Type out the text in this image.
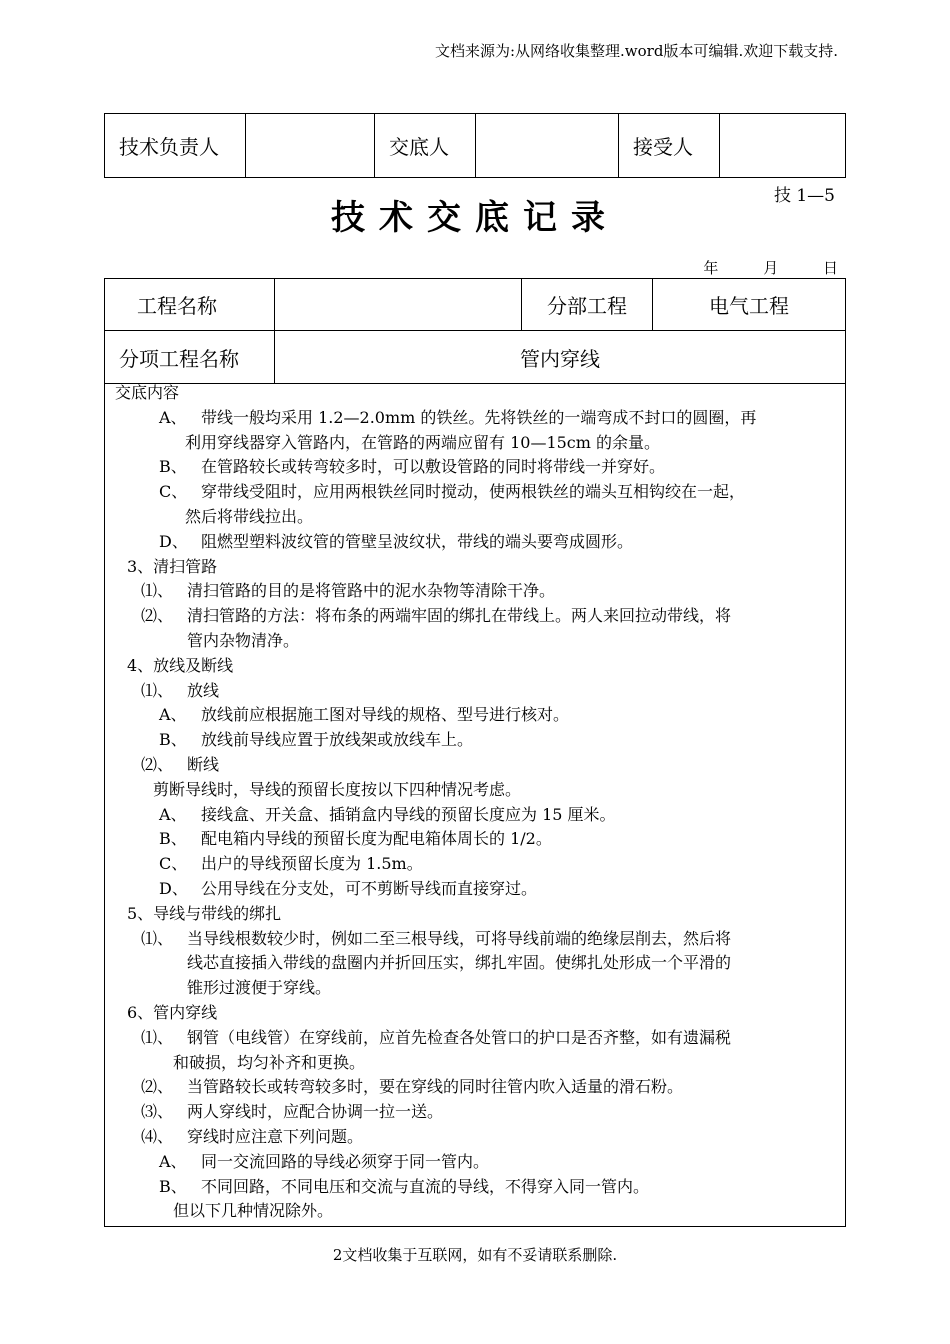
文档来源为:从网络收集整理.word版本可编辑.欢迎下载支持.
技术负责人		交底人		接受人	
技 1—5
技术交底记录
年	月	日
工程名称		分部工程	电气工程
分项工程名称	管内穿线		
交底内容
A、 带线一般均采用 1.2—2.0mm 的铁丝。先将铁丝的一端弯成不封口的圆圈，再
利用穿线器穿入管路内，在管路的两端应留有 10—15cm 的余量。
B、 在管路较长或转弯较多时，可以敷设管路的同时将带线一并穿好。
C、 穿带线受阻时，应用两根铁丝同时搅动，使两根铁丝的端头互相钩绞在一起，
然后将带线拉出。
D、 阻燃型塑料波纹管的管壁呈波纹状，带线的端头要弯成圆形。
3、清扫管路
⑴、 清扫管路的目的是将管路中的泥水杂物等清除干净。
⑵、 清扫管路的方法：将布条的两端牢固的绑扎在带线上。两人来回拉动带线，将
管内杂物清净。
4、放线及断线
⑴、 放线
A、 放线前应根据施工图对导线的规格、型号进行核对。
B、 放线前导线应置于放线架或放线车上。
⑵、 断线
剪断导线时，导线的预留长度按以下四种情况考虑。
A、 接线盒、开关盒、插销盒内导线的预留长度应为 15 厘米。
B、 配电箱内导线的预留长度为配电箱体周长的 1/2。
C、 出户的导线预留长度为 1.5m。
D、 公用导线在分支处，可不剪断导线而直接穿过。
5、导线与带线的绑扎
⑴、 当导线根数较少时，例如二至三根导线，可将导线前端的绝缘层削去，然后将
线芯直接插入带线的盘圈内并折回压实，绑扎牢固。使绑扎处形成一个平滑的
锥形过渡便于穿线。
6、管内穿线
⑴、 钢管（电线管）在穿线前，应首先检查各处管口的护口是否齐整，如有遗漏税
和破损，均匀补齐和更换。
⑵、 当管路较长或转弯较多时，要在穿线的同时往管内吹入适量的滑石粉。
⑶、 两人穿线时，应配合协调一拉一送。
⑷、 穿线时应注意下列问题。
A、 同一交流回路的导线必须穿于同一管内。
B、 不同回路，不同电压和交流与直流的导线，不得穿入同一管内。
但以下几种情况除外。
2文档收集于互联网，如有不妥请联系删除.
